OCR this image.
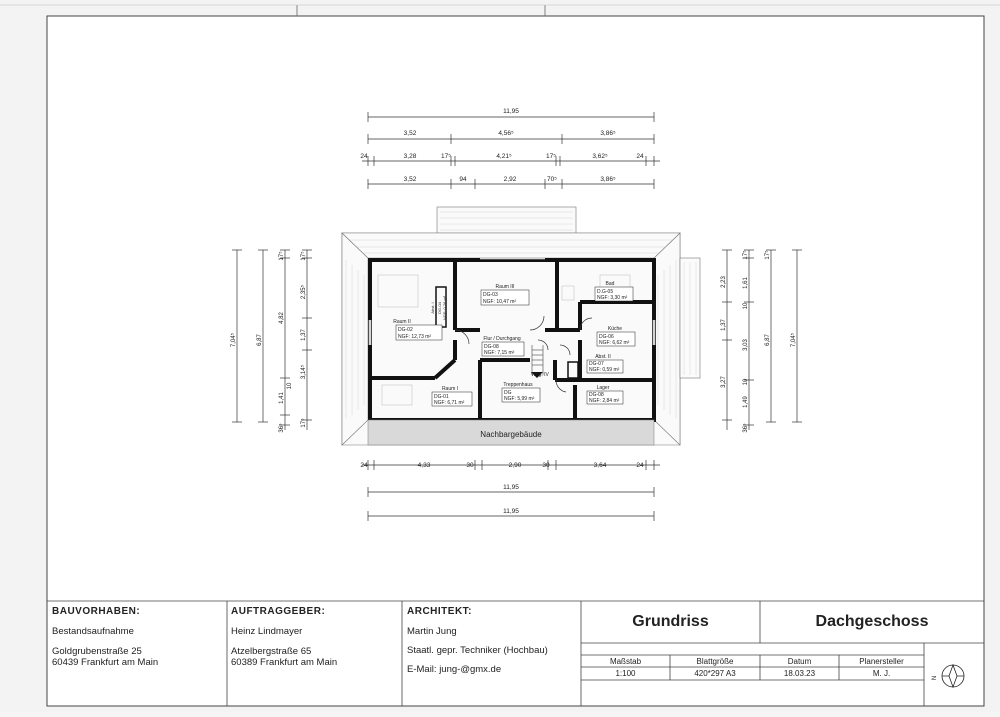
11,95
3,52	4,56⁵	3,86⁵
24	3,28	17⁵	4,21⁵	17⁵	3,62⁵	24
3,52	94	2,92	70⁵	3,86⁵
Nachbargebäude
Raum III
DG-03
NGF: 10,47 m²
Raum II
DG-02
NGF: 12,73 m²	Flur / Durchgang
DG-08
NGF: 7,15 m²
Bad
D.G-05
NGF: 3,30 m²
Küche
DG-06
NGF: 6,62 m²
Abst. II
DG-07
NGF: 0,59 m²
Raum I
DG-01
NGF: 6,71 m²
Treppenhaus
DG
NGF: 5,99 m²
Lager
DG-08
NGF: 2,84 m²
Abst. I DG-04 NGF: 0,76 m²
Whg. IV
24	4,33	30	2,90	30	3,64	24
11,95
11,95
7,04⁵	6,87
17⁵
4,82
1,41
36⁵
17⁵
2,35⁵
1,37
3,14⁵
10
17⁵
7,04⁵
6,87
17⁵
1,61
10
3,03
10
1,49
36⁵
2,23
1,37
3,27
17⁵
N
BAUVORHABEN:
Bestandsaufnahme
Goldgrubenstraße 25
60439 Frankfurt am Main
AUFTRAGGEBER:
Heinz Lindmayer
Atzelbergstraße 65
60389 Frankfurt am Main
ARCHITEKT:
Martin Jung
Staatl. gepr. Techniker (Hochbau)
E-Mail: jung-@gmx.de
Grundriss	Dachgeschoss
Maßstab	Blattgröße	Datum	Planersteller
1:100	420*297 A3	18.03.23	M. J.
